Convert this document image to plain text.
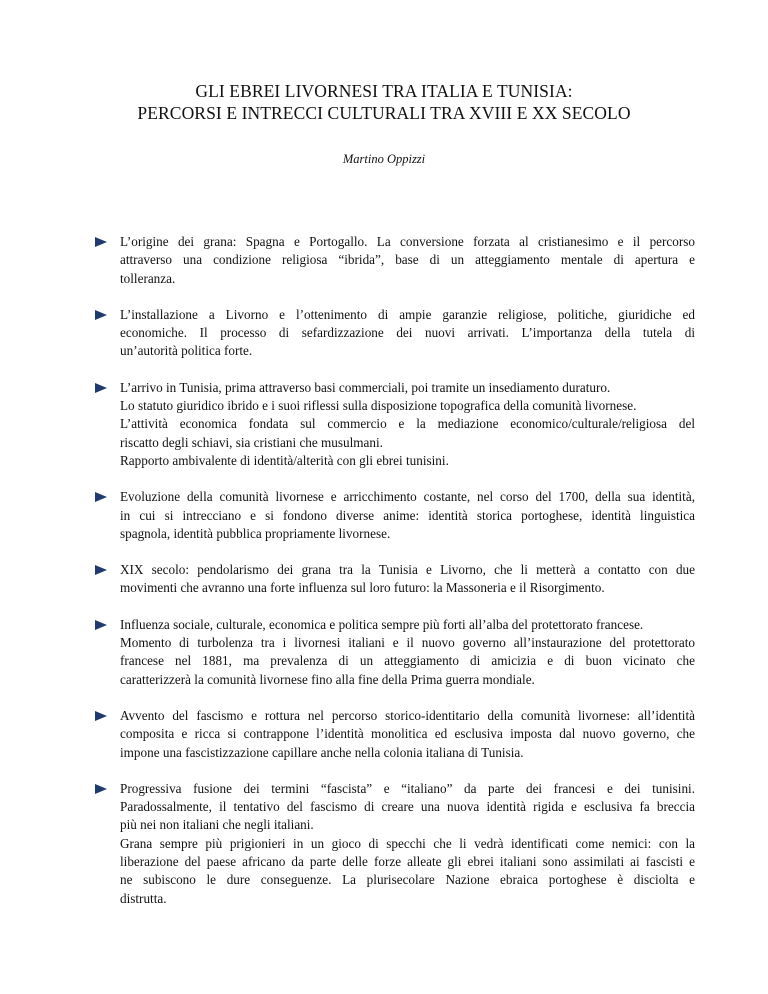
GLI EBREI LIVORNESI TRA ITALIA E TUNISIA:
PERCORSI E INTRECCI CULTURALI TRA XVIII E XX SECOLO
Martino Oppizzi
L’origine dei grana: Spagna e Portogallo. La conversione forzata al cristianesimo e il percorso
attraverso una condizione religiosa “ibrida”, base di un atteggiamento mentale di apertura e
tolleranza.
L’installazione a Livorno e l’ottenimento di ampie garanzie religiose, politiche, giuridiche ed
economiche. Il processo di sefardizzazione dei nuovi arrivati. L’importanza della tutela di
un’autorità politica forte.
L’arrivo in Tunisia, prima attraverso basi commerciali, poi tramite un insediamento duraturo.
Lo statuto giuridico ibrido e i suoi riflessi sulla disposizione topografica della comunità livornese.
L’attività economica fondata sul commercio e la mediazione economico/culturale/religiosa del
riscatto degli schiavi, sia cristiani che musulmani.
Rapporto ambivalente di identità/alterità con gli ebrei tunisini.
Evoluzione della comunità livornese e arricchimento costante, nel corso del 1700, della sua identità,
in cui si intrecciano e si fondono diverse anime: identità storica portoghese, identità linguistica
spagnola, identità pubblica propriamente livornese.
XIX secolo: pendolarismo dei grana tra la Tunisia e Livorno, che li metterà a contatto con due
movimenti che avranno una forte influenza sul loro futuro: la Massoneria e il Risorgimento.
Influenza sociale, culturale, economica e politica sempre più forti all’alba del protettorato francese.
Momento di turbolenza tra i livornesi italiani e il nuovo governo all’instaurazione del protettorato
francese nel 1881, ma prevalenza di un atteggiamento di amicizia e di buon vicinato che
caratterizzerà la comunità livornese fino alla fine della Prima guerra mondiale.
Avvento del fascismo e rottura nel percorso storico-identitario della comunità livornese: all’identità
composita e ricca si contrappone l’identità monolitica ed esclusiva imposta dal nuovo governo, che
impone una fascistizzazione capillare anche nella colonia italiana di Tunisia.
Progressiva fusione dei termini “fascista” e “italiano” da parte dei francesi e dei tunisini.
Paradossalmente, il tentativo del fascismo di creare una nuova identità rigida e esclusiva fa breccia
più nei non italiani che negli italiani.
Grana sempre più prigionieri in un gioco di specchi che li vedrà identificati come nemici: con la
liberazione del paese africano da parte delle forze alleate gli ebrei italiani sono assimilati ai fascisti e
ne subiscono le dure conseguenze. La plurisecolare Nazione ebraica portoghese è disciolta e
distrutta.
